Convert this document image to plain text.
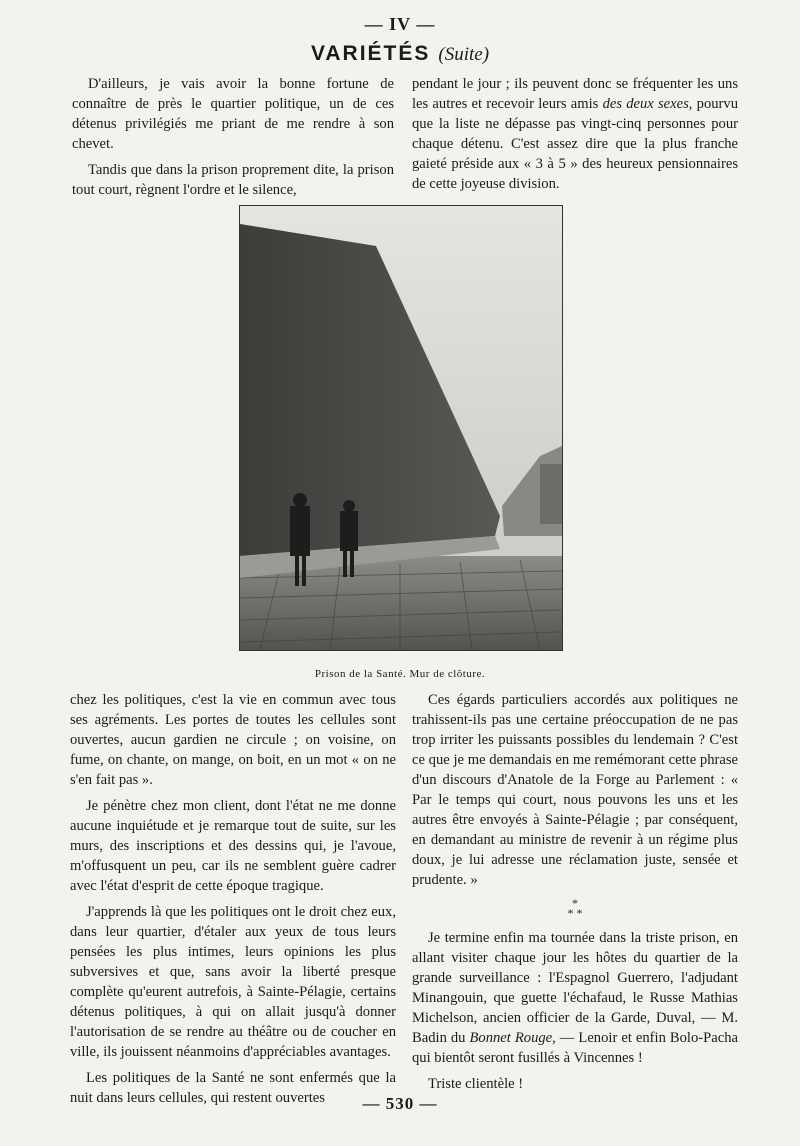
— IV —
VARIÉTÉS (Suite)

D'ailleurs, je vais avoir la bonne fortune de connaître de près le quartier politique, un de ces détenus privilégiés me priant de me rendre à son chevet.

Tandis que dans la prison proprement dite, la prison tout court, règnent l'ordre et le silence,

pendant le jour ; ils peuvent donc se fréquenter les uns les autres et recevoir leurs amis des deux sexes, pourvu que la liste ne dépasse pas vingt-cinq personnes pour chaque détenu. C'est assez dire que la plus franche gaieté préside aux « 3 à 5 » des heureux pensionnaires de cette joyeuse division.

Prison de la Santé. Mur de clôture.

chez les politiques, c'est la vie en commun avec tous ses agréments. Les portes de toutes les cellules sont ouvertes, aucun gardien ne circule ; on voisine, on fume, on chante, on mange, on boit, en un mot « on ne s'en fait pas ».

Je pénètre chez mon client, dont l'état ne me donne aucune inquiétude et je remarque tout de suite, sur les murs, des inscriptions et des dessins qui, je l'avoue, m'offusquent un peu, car ils ne semblent guère cadrer avec l'état d'esprit de cette époque tragique.

J'apprends là que les politiques ont le droit chez eux, dans leur quartier, d'étaler aux yeux de tous leurs pensées les plus intimes, leurs opinions les plus subversives et que, sans avoir la liberté presque complète qu'eurent autrefois, à Sainte-Pélagie, certains détenus politiques, à qui on allait jusqu'à donner l'autorisation de se rendre au théâtre ou de coucher en ville, ils jouissent néanmoins d'appréciables avantages.

Les politiques de la Santé ne sont enfermés que la nuit dans leurs cellules, qui restent ouvertes

Ces égards particuliers accordés aux politiques ne trahissent-ils pas une certaine préoccupation de ne pas trop irriter les puissants possibles du lendemain ? C'est ce que je me demandais en me remémorant cette phrase d'un discours d'Anatole de la Forge au Parlement : « Par le temps qui court, nous pouvons les uns et les autres être envoyés à Sainte-Pélagie ; par conséquent, en demandant au ministre de revenir à un régime plus doux, je lui adresse une réclamation juste, sensée et prudente. »

*
* *

Je termine enfin ma tournée dans la triste prison, en allant visiter chaque jour les hôtes du quartier de la grande surveillance : l'Espagnol Guerrero, l'adjudant Minangouin, que guette l'échafaud, le Russe Mathias Michelson, ancien officier de la Garde, Duval, — M. Badin du Bonnet Rouge, — Lenoir et enfin Bolo-Pacha qui bientôt seront fusillés à Vincennes !

Triste clientèle !

— 530 —
